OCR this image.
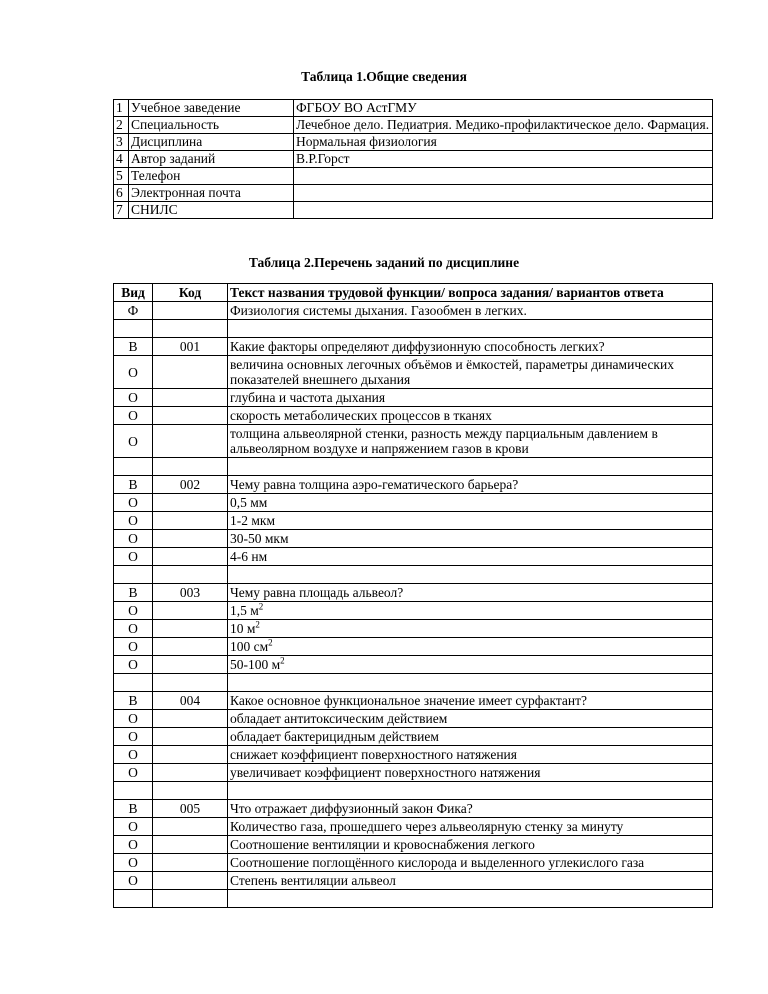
Таблица 1.Общие сведения
1	Учебное заведение	ФГБОУ ВО АстГМУ
2	Специальность	Лечебное дело. Педиатрия. Медико-профилактическое дело. Фармация.
3	Дисциплина	Нормальная физиология
4	Автор заданий	В.Р.Горст
5	Телефон	
6	Электронная почта	
7	СНИЛС	
Таблица 2.Перечень заданий по дисциплине
Вид	Код	Текст названия трудовой функции/ вопроса задания/ вариантов ответа
Ф		Физиология системы дыхания. Газообмен в легких.

В	001	Какие факторы определяют диффузионную способность легких?
О		величина основных легочных объёмов и ёмкостей, параметры динамических показателей внешнего дыхания
О		глубина и частота дыхания
О		скорость метаболических процессов в тканях
О		толщина альвеолярной стенки, разность между парциальным давлением в альвеолярном воздухе и напряжением газов в крови

В	002	Чему равна толщина аэро-гематического барьера?
О		0,5 мм
О		1-2 мкм
О		30-50 мкм
О		4-6 нм

В	003	Чему равна площадь альвеол?
О		1,5 $м^2$
О		10 $м^2$
О		100 $см^2$
О		50-100 $м^2$

В	004	Какое основное функциональное значение имеет сурфактант?
О		обладает антитоксическим действием
О		обладает бактерицидным действием
О		снижает коэффициент поверхностного натяжения
О		увеличивает коэффициент поверхностного натяжения

В	005	Что отражает диффузионный закон Фика?
О		Количество газа, прошедшего через альвеолярную стенку за минуту
О		Соотношение вентиляции и кровоснабжения легкого
О		Соотношение поглощённого кислорода и выделенного углекислого газа
О		Степень вентиляции альвеол
